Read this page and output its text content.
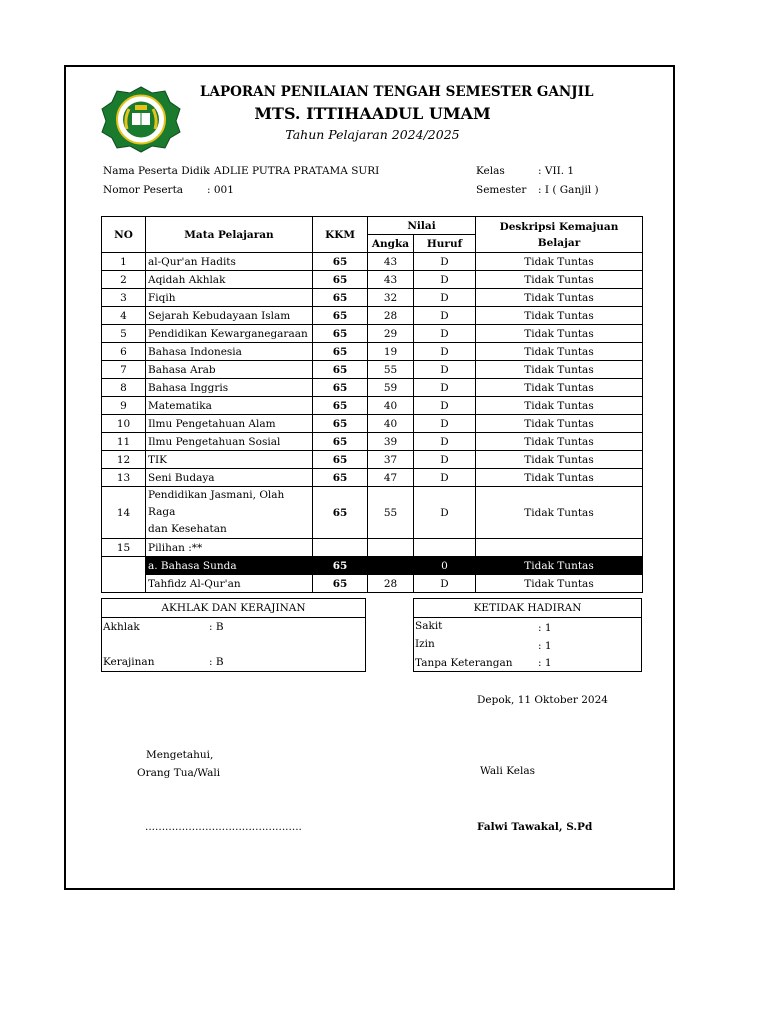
LAPORAN PENILAIAN TENGAH SEMESTER GANJIL
MTS. ITTIHAADUL UMAM
Tahun Pelajaran 2024/2025
Nama Peserta Didik
: ADLIE PUTRA PRATAMA SURI
Nomor Peserta : 001
Kelas	: VII. 1
Semester : I ( Ganjil )
NO	Mata Pelajaran	KKM	Nilai		Deskripsi Kemajuan Belajar
			Angka	Huruf	
1	al-Qur'an Hadits	65	43	D	Tidak Tuntas
2	Aqidah Akhlak	65	43	D	Tidak Tuntas
3	Fiqih	65	32	D	Tidak Tuntas
4	Sejarah Kebudayaan Islam	65	28	D	Tidak Tuntas
5	Pendidikan Kewarganegaraan	65	29	D	Tidak Tuntas
6	Bahasa Indonesia	65	19	D	Tidak Tuntas
7	Bahasa Arab	65	55	D	Tidak Tuntas
8	Bahasa Inggris	65	59	D	Tidak Tuntas
9	Matematika	65	40	D	Tidak Tuntas
10	Ilmu Pengetahuan Alam	65	40	D	Tidak Tuntas
11	Ilmu Pengetahuan Sosial	65	39	D	Tidak Tuntas
12	TIK	65	37	D	Tidak Tuntas
13	Seni Budaya	65	47	D	Tidak Tuntas
14	Pendidikan Jasmani, Olah Raga
dan Kesehatan	65	55	D	Tidak Tuntas

15	Pilihan :**				
	a. Bahasa Sunda	65		0	Tidak Tuntas
	Tahfidz Al-Qur'an	65	28	D	Tidak Tuntas
AKHLAK DAN KERAJINAN
Akhlak	: B
Kerajinan	: B
KETIDAK HADIRAN
Sakit	: 1
Izin	: 1
Tanpa Keterangan : 1
Depok, 11 Oktober 2024
Mengetahui,
Orang Tua/Wali	Wali Kelas
...............................................	Falwi Tawakal, S.Pd
